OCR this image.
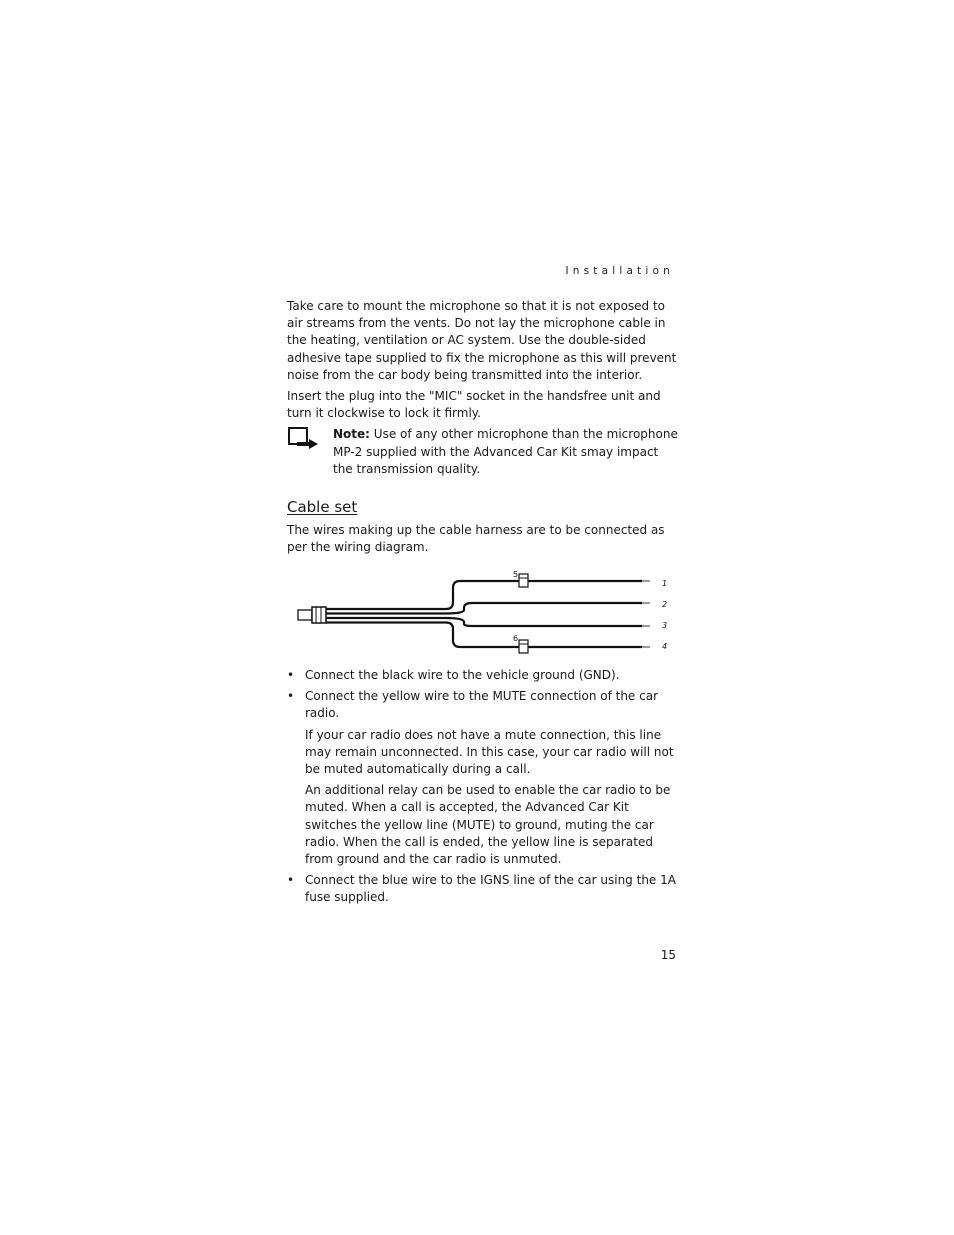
Installation

Take care to mount the microphone so that it is not exposed to air streams from the vents. Do not lay the microphone cable in the heating, ventilation or AC system. Use the double-sided adhesive tape supplied to fix the microphone as this will prevent noise from the car body being transmitted into the interior.

Insert the plug into the "MIC" socket in the handsfree unit and turn it clockwise to lock it firmly.

Note: Use of any other microphone than the microphone MP-2 supplied with the Advanced Car Kit smay impact the transmission quality.
Cable set

The wires making up the cable harness are to be connected as per the wiring diagram.

5
6
1
2
3
4
• Connect the black wire to the vehicle ground (GND).
• Connect the yellow wire to the MUTE connection of the car radio.
If your car radio does not have a mute connection, this line may remain unconnected. In this case, your car radio will not be muted automatically during a call.
An additional relay can be used to enable the car radio to be muted. When a call is accepted, the Advanced Car Kit switches the yellow line (MUTE) to ground, muting the car radio. When the call is ended, the yellow line is separated from ground and the car radio is unmuted.
• Connect the blue wire to the IGNS line of the car using the 1A fuse supplied.
15
